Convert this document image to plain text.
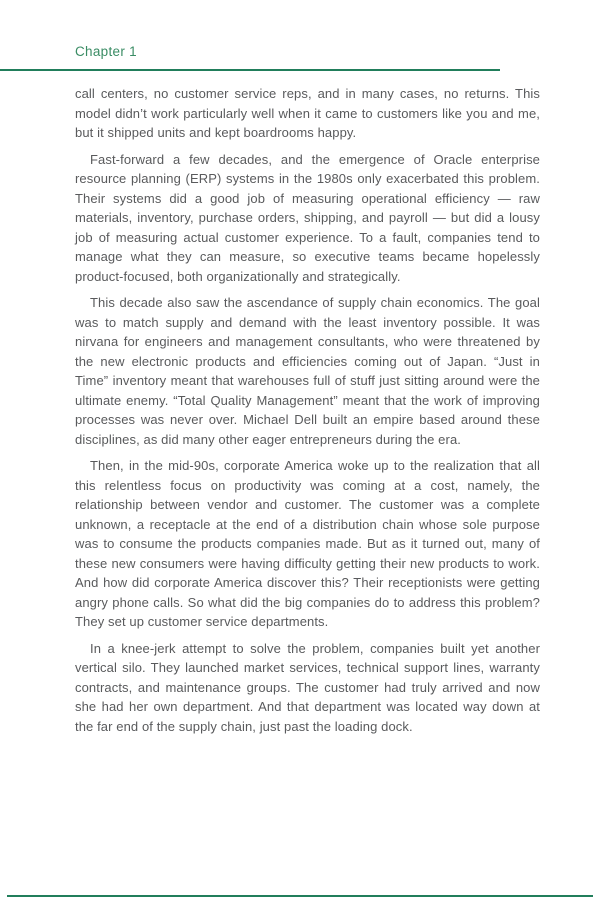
Chapter 1

call centers, no customer service reps, and in many cases, no returns. This model didn’t work particularly well when it came to customers like you and me, but it shipped units and kept boardrooms happy.

Fast-forward a few decades, and the emergence of Oracle enterprise resource planning (ERP) systems in the 1980s only exacerbated this problem. Their systems did a good job of measuring operational efficiency — raw materials, inventory, purchase orders, shipping, and payroll — but did a lousy job of measuring actual customer experience. To a fault, companies tend to manage what they can measure, so executive teams became hopelessly product-focused, both organizationally and strategically.

This decade also saw the ascendance of supply chain economics. The goal was to match supply and demand with the least inventory possible. It was nirvana for engineers and management consultants, who were threatened by the new electronic products and efficiencies coming out of Japan. “Just in Time” inventory meant that warehouses full of stuff just sitting around were the ultimate enemy. “Total Quality Management” meant that the work of improving processes was never over. Michael Dell built an empire based around these disciplines, as did many other eager entrepreneurs during the era.

Then, in the mid-90s, corporate America woke up to the realization that all this relentless focus on productivity was coming at a cost, namely, the relationship between vendor and customer. The customer was a complete unknown, a receptacle at the end of a distribution chain whose sole purpose was to consume the products companies made. But as it turned out, many of these new consumers were having difficulty getting their new products to work. And how did corporate America discover this? Their receptionists were getting angry phone calls. So what did the big companies do to address this problem? They set up customer service departments.

In a knee-jerk attempt to solve the problem, companies built yet another vertical silo. They launched market services, technical support lines, warranty contracts, and maintenance groups. The customer had truly arrived and now she had her own department. And that department was located way down at the far end of the supply chain, just past the loading dock.
